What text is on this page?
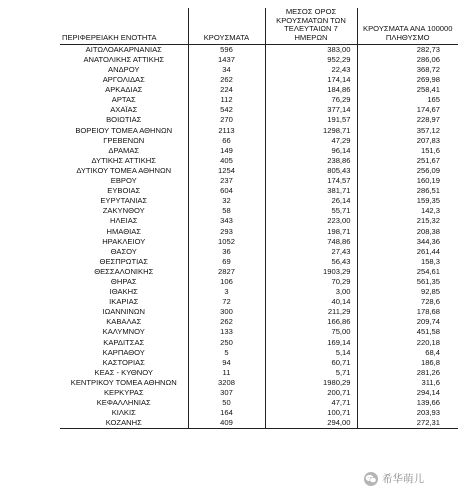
ΠΕΡΙΦΕΡΕΙΑΚΗ ΕΝΟΤΗΤΑ	ΚΡΟΥΣΜΑΤΑ	ΜΕΣΟΣ ΟΡΟΣ ΚΡΟΥΣΜΑΤΩΝ ΤΩΝ ΤΕΛΕΥΤΑΙΩΝ 7 ΗΜΕΡΩΝ	ΚΡΟΥΣΜΑΤΑ ΑΝΑ 100000 ΠΛΗΘΥΣΜΟ
ΑΙΤΩΛΟΑΚΑΡΝΑΝΙΑΣ	596	383,00	282,73
ΑΝΑΤΟΛΙΚΗΣ ΑΤΤΙΚΗΣ	1437	952,29	286,06
ΑΝΔΡΟΥ	34	22,43	368,72
ΑΡΓΟΛΙΔΑΣ	262	174,14	269,98
ΑΡΚΑΔΙΑΣ	224	184,86	258,41
ΑΡΤΑΣ	112	76,29	165
ΑΧΑΪΑΣ	542	377,14	174,67
ΒΟΙΩΤΙΑΣ	270	191,57	228,97
ΒΟΡΕΙΟΥ ΤΟΜΕΑ ΑΘΗΝΩΝ	2113	1298,71	357,12
ΓΡΕΒΕΝΩΝ	66	47,29	207,83
ΔΡΑΜΑΣ	149	96,14	151,6
ΔΥΤΙΚΗΣ ΑΤΤΙΚΗΣ	405	238,86	251,67
ΔΥΤΙΚΟΥ ΤΟΜΕΑ ΑΘΗΝΩΝ	1254	805,43	256,09
ΕΒΡΟΥ	237	174,57	160,19
ΕΥΒΟΙΑΣ	604	381,71	286,51
ΕΥΡΥΤΑΝΙΑΣ	32	26,14	159,35
ΖΑΚΥΝΘΟΥ	58	55,71	142,3
ΗΛΕΙΑΣ	343	223,00	215,32
ΗΜΑΘΙΑΣ	293	198,71	208,38
ΗΡΑΚΛΕΙΟΥ	1052	748,86	344,36
ΘΑΣΟΥ	36	27,43	261,44
ΘΕΣΠΡΩΤΙΑΣ	69	56,43	158,3
ΘΕΣΣΑΛΟΝΙΚΗΣ	2827	1903,29	254,61
ΘΗΡΑΣ	106	70,29	561,35
ΙΘΑΚΗΣ	3	3,00	92,85
ΙΚΑΡΙΑΣ	72	40,14	728,6
ΙΩΑΝΝΙΝΩΝ	300	211,29	178,68
ΚΑΒΑΛΑΣ	262	166,86	209,74
ΚΑΛΥΜΝΟΥ	133	75,00	451,58
ΚΑΡΔΙΤΣΑΣ	250	169,14	220,18
ΚΑΡΠΑΘΟΥ	5	5,14	68,4
ΚΑΣΤΟΡΙΑΣ	94	60,71	186,8
ΚΕΑΣ - ΚΥΘΝΟΥ	11	5,71	281,26
ΚΕΝΤΡΙΚΟΥ ΤΟΜΕΑ ΑΘΗΝΩΝ	3208	1980,29	311,6
ΚΕΡΚΥΡΑΣ	307	200,71	294,14
ΚΕΦΑΛΛΗΝΙΑΣ	50	47,71	139,66
ΚΙΛΚΙΣ	164	100,71	203,93
ΚΟΖΑΝΗΣ	409	294,00	272,31
希华萌儿
